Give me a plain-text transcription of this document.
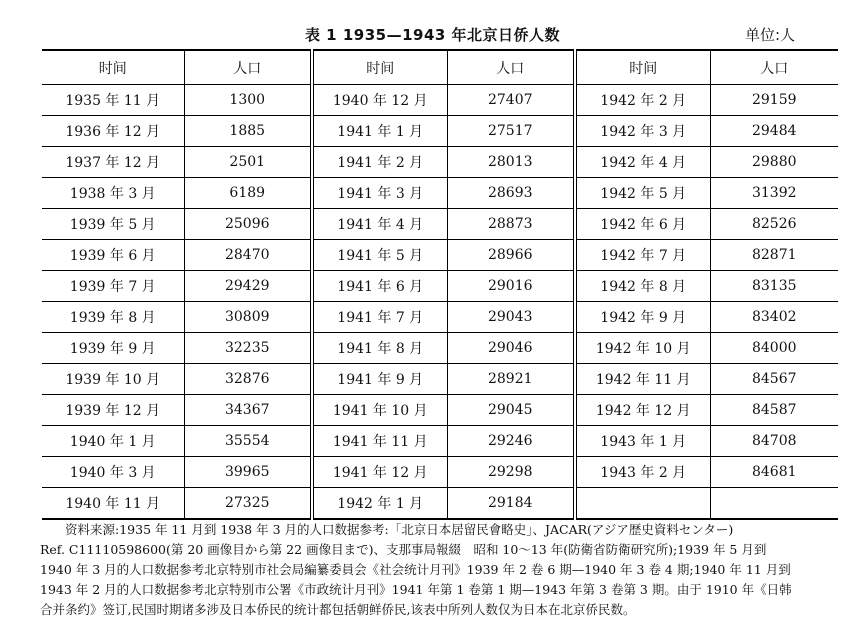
表 1 1935—1943 年北京日侨人数	单位:人
时间	人口	时间	人口	时间	人口
1935 年 11 月	1300	1940 年 12 月	27407	1942 年 2 月	29159
1936 年 12 月	1885	1941 年 1 月	27517	1942 年 3 月	29484
1937 年 12 月	2501	1941 年 2 月	28013	1942 年 4 月	29880
1938 年 3 月	6189	1941 年 3 月	28693	1942 年 5 月	31392
1939 年 5 月	25096	1941 年 4 月	28873	1942 年 6 月	82526
1939 年 6 月	28470	1941 年 5 月	28966	1942 年 7 月	82871
1939 年 7 月	29429	1941 年 6 月	29016	1942 年 8 月	83135
1939 年 8 月	30809	1941 年 7 月	29043	1942 年 9 月	83402
1939 年 9 月	32235	1941 年 8 月	29046	1942 年 10 月	84000
1939 年 10 月	32876	1941 年 9 月	28921	1942 年 11 月	84567
1939 年 12 月	34367	1941 年 10 月	29045	1942 年 12 月	84587
1940 年 1 月	35554	1941 年 11 月	29246	1943 年 1 月	84708
1940 年 3 月	39965	1941 年 12 月	29298	1943 年 2 月	84681
1940 年 11 月	27325	1942 年 1 月	29184		

资料来源:1935 年 11 月到 1938 年 3 月的人口数据参考:「北京日本居留民會略史」、JACAR(アジア歴史資料センター)

Ref. C11110598600(第 20 画像目から第 22 画像目まで)、支那事局報綴　昭和 10～13 年(防衛省防衛研究所);1939 年 5 月到

1940 年 3 月的人口数据参考北京特别市社会局編纂委員会《社会统计月刊》1939 年 2 卷 6 期—1940 年 3 卷 4 期;1940 年 11 月到

1943 年 2 月的人口数据参考北京特别市公署《市政统计月刊》1941 年第 1 卷第 1 期—1943 年第 3 卷第 3 期。由于 1910 年《日韩

合并条约》签订,民国时期诸多涉及日本侨民的统计都包括朝鲜侨民,该表中所列人数仅为日本在北京侨民数。
